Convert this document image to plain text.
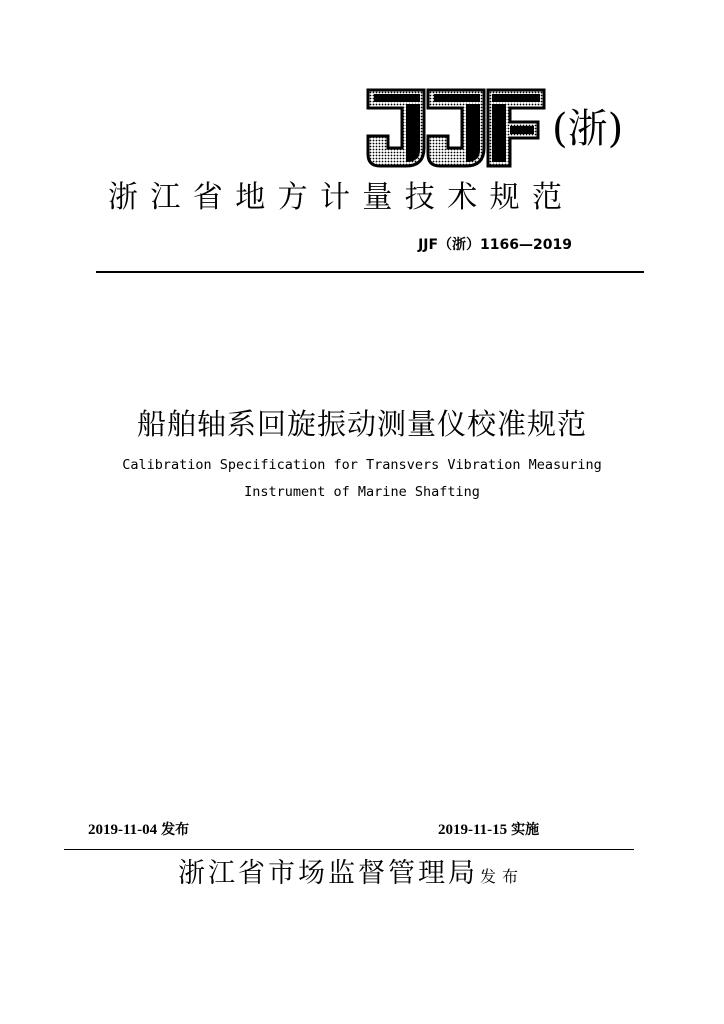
(浙)
浙江省地方计量技术规范
JJF（浙）1166—2019
船舶轴系回旋振动测量仪校准规范
Calibration Specification for Transvers Vibration Measuring
Instrument of Marine Shafting
2019-11-04 发布	2019-11-15 实施
浙江省市场监督管理局 发布
